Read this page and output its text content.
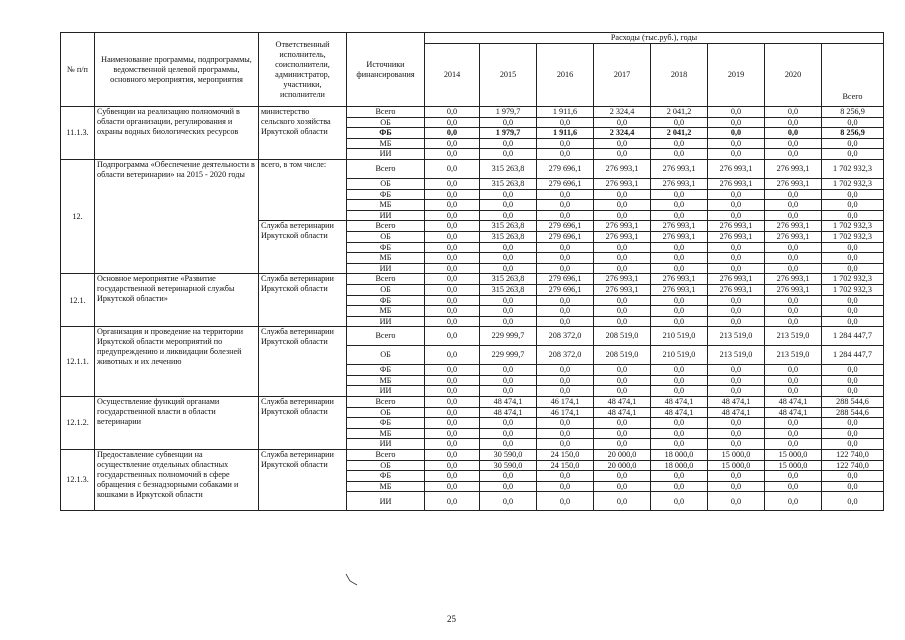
№ п/п	Наименование программы, подпрограммы, ведомственной целевой программы, основного мероприятия, мероприятия	Ответственный исполнитель, соисполнители, администратор, участники, исполнители	Источники финансирования	Расходы (тыс.руб.), годы							
				2014	2015	2016	2017	2018	2019	2020	Всего
11.1.3.	Субвенции на реализацию полномочий в области организации, регулирования и охраны водных биологических ресурсов	министерство сельского хозяйства Иркутской области	Всего	0,0	1 979,7	1 911,6	2 324,4	2 041,2	0,0	0,0	8 256,9
			ОБ	0,0	0,0	0,0	0,0	0,0	0,0	0,0	0,0
			ФБ	0,0	1 979,7	1 911,6	2 324,4	2 041,2	0,0	0,0	8 256,9
			МБ	0,0	0,0	0,0	0,0	0,0	0,0	0,0	0,0
			ИИ	0,0	0,0	0,0	0,0	0,0	0,0	0,0	0,0
12.	Подпрограмма «Обеспечение деятельности в области ветеринарии» на 2015 - 2020 годы	всего, в том числе:	Всего	0,0	315 263,8	279 696,1	276 993,1	276 993,1	276 993,1	276 993,1	1 702 932,3
			ОБ	0,0	315 263,8	279 696,1	276 993,1	276 993,1	276 993,1	276 993,1	1 702 932,3
			ФБ	0,0	0,0	0,0	0,0	0,0	0,0	0,0	0,0
			МБ	0,0	0,0	0,0	0,0	0,0	0,0	0,0	0,0
			ИИ	0,0	0,0	0,0	0,0	0,0	0,0	0,0	0,0
		Служба ветеринарии Иркутской области	Всего	0,0	315 263,8	279 696,1	276 993,1	276 993,1	276 993,1	276 993,1	1 702 932,3
			ОБ	0,0	315 263,8	279 696,1	276 993,1	276 993,1	276 993,1	276 993,1	1 702 932,3
			ФБ	0,0	0,0	0,0	0,0	0,0	0,0	0,0	0,0
			МБ	0,0	0,0	0,0	0,0	0,0	0,0	0,0	0,0
			ИИ	0,0	0,0	0,0	0,0	0,0	0,0	0,0	0,0
12.1.	Основное мероприятие «Развитие государственной ветеринарной службы Иркутской области»	Служба ветеринарии Иркутской области	Всего	0,0	315 263,8	279 696,1	276 993,1	276 993,1	276 993,1	276 993,1	1 702 932,3
			ОБ	0,0	315 263,8	279 696,1	276 993,1	276 993,1	276 993,1	276 993,1	1 702 932,3
			ФБ	0,0	0,0	0,0	0,0	0,0	0,0	0,0	0,0
			МБ	0,0	0,0	0,0	0,0	0,0	0,0	0,0	0,0
			ИИ	0,0	0,0	0,0	0,0	0,0	0,0	0,0	0,0
12.1.1.	Организация и проведение на территории Иркутской области мероприятий по предупреждению и ликвидации болезней животных и их лечению	Служба ветеринарии Иркутской области	Всего	0,0	229 999,7	208 372,0	208 519,0	210 519,0	213 519,0	213 519,0	1 284 447,7
			ОБ	0,0	229 999,7	208 372,0	208 519,0	210 519,0	213 519,0	213 519,0	1 284 447,7
			ФБ	0,0	0,0	0,0	0,0	0,0	0,0	0,0	0,0
			МБ	0,0	0,0	0,0	0,0	0,0	0,0	0,0	0,0
			ИИ	0,0	0,0	0,0	0,0	0,0	0,0	0,0	0,0
12.1.2.	Осуществление функций органами государственной власти в области ветеринарии	Служба ветеринарии Иркутской области	Всего	0,0	48 474,1	46 174,1	48 474,1	48 474,1	48 474,1	48 474,1	288 544,6
			ОБ	0,0	48 474,1	46 174,1	48 474,1	48 474,1	48 474,1	48 474,1	288 544,6
			ФБ	0,0	0,0	0,0	0,0	0,0	0,0	0,0	0,0
			МБ	0,0	0,0	0,0	0,0	0,0	0,0	0,0	0,0
			ИИ	0,0	0,0	0,0	0,0	0,0	0,0	0,0	0,0
12.1.3.	Предоставление субвенции на осуществление отдельных областных государственных полномочий в сфере обращения с безнадзорными собаками и кошками в Иркутской области	Служба ветеринарии Иркутской области	Всего	0,0	30 590,0	24 150,0	20 000,0	18 000,0	15 000,0	15 000,0	122 740,0
			ОБ	0,0	30 590,0	24 150,0	20 000,0	18 000,0	15 000,0	15 000,0	122 740,0
			ФБ	0,0	0,0	0,0	0,0	0,0	0,0	0,0	0,0
			МБ	0,0	0,0	0,0	0,0	0,0	0,0	0,0	0,0
			ИИ	0,0	0,0	0,0	0,0	0,0	0,0	0,0	0,0
25
